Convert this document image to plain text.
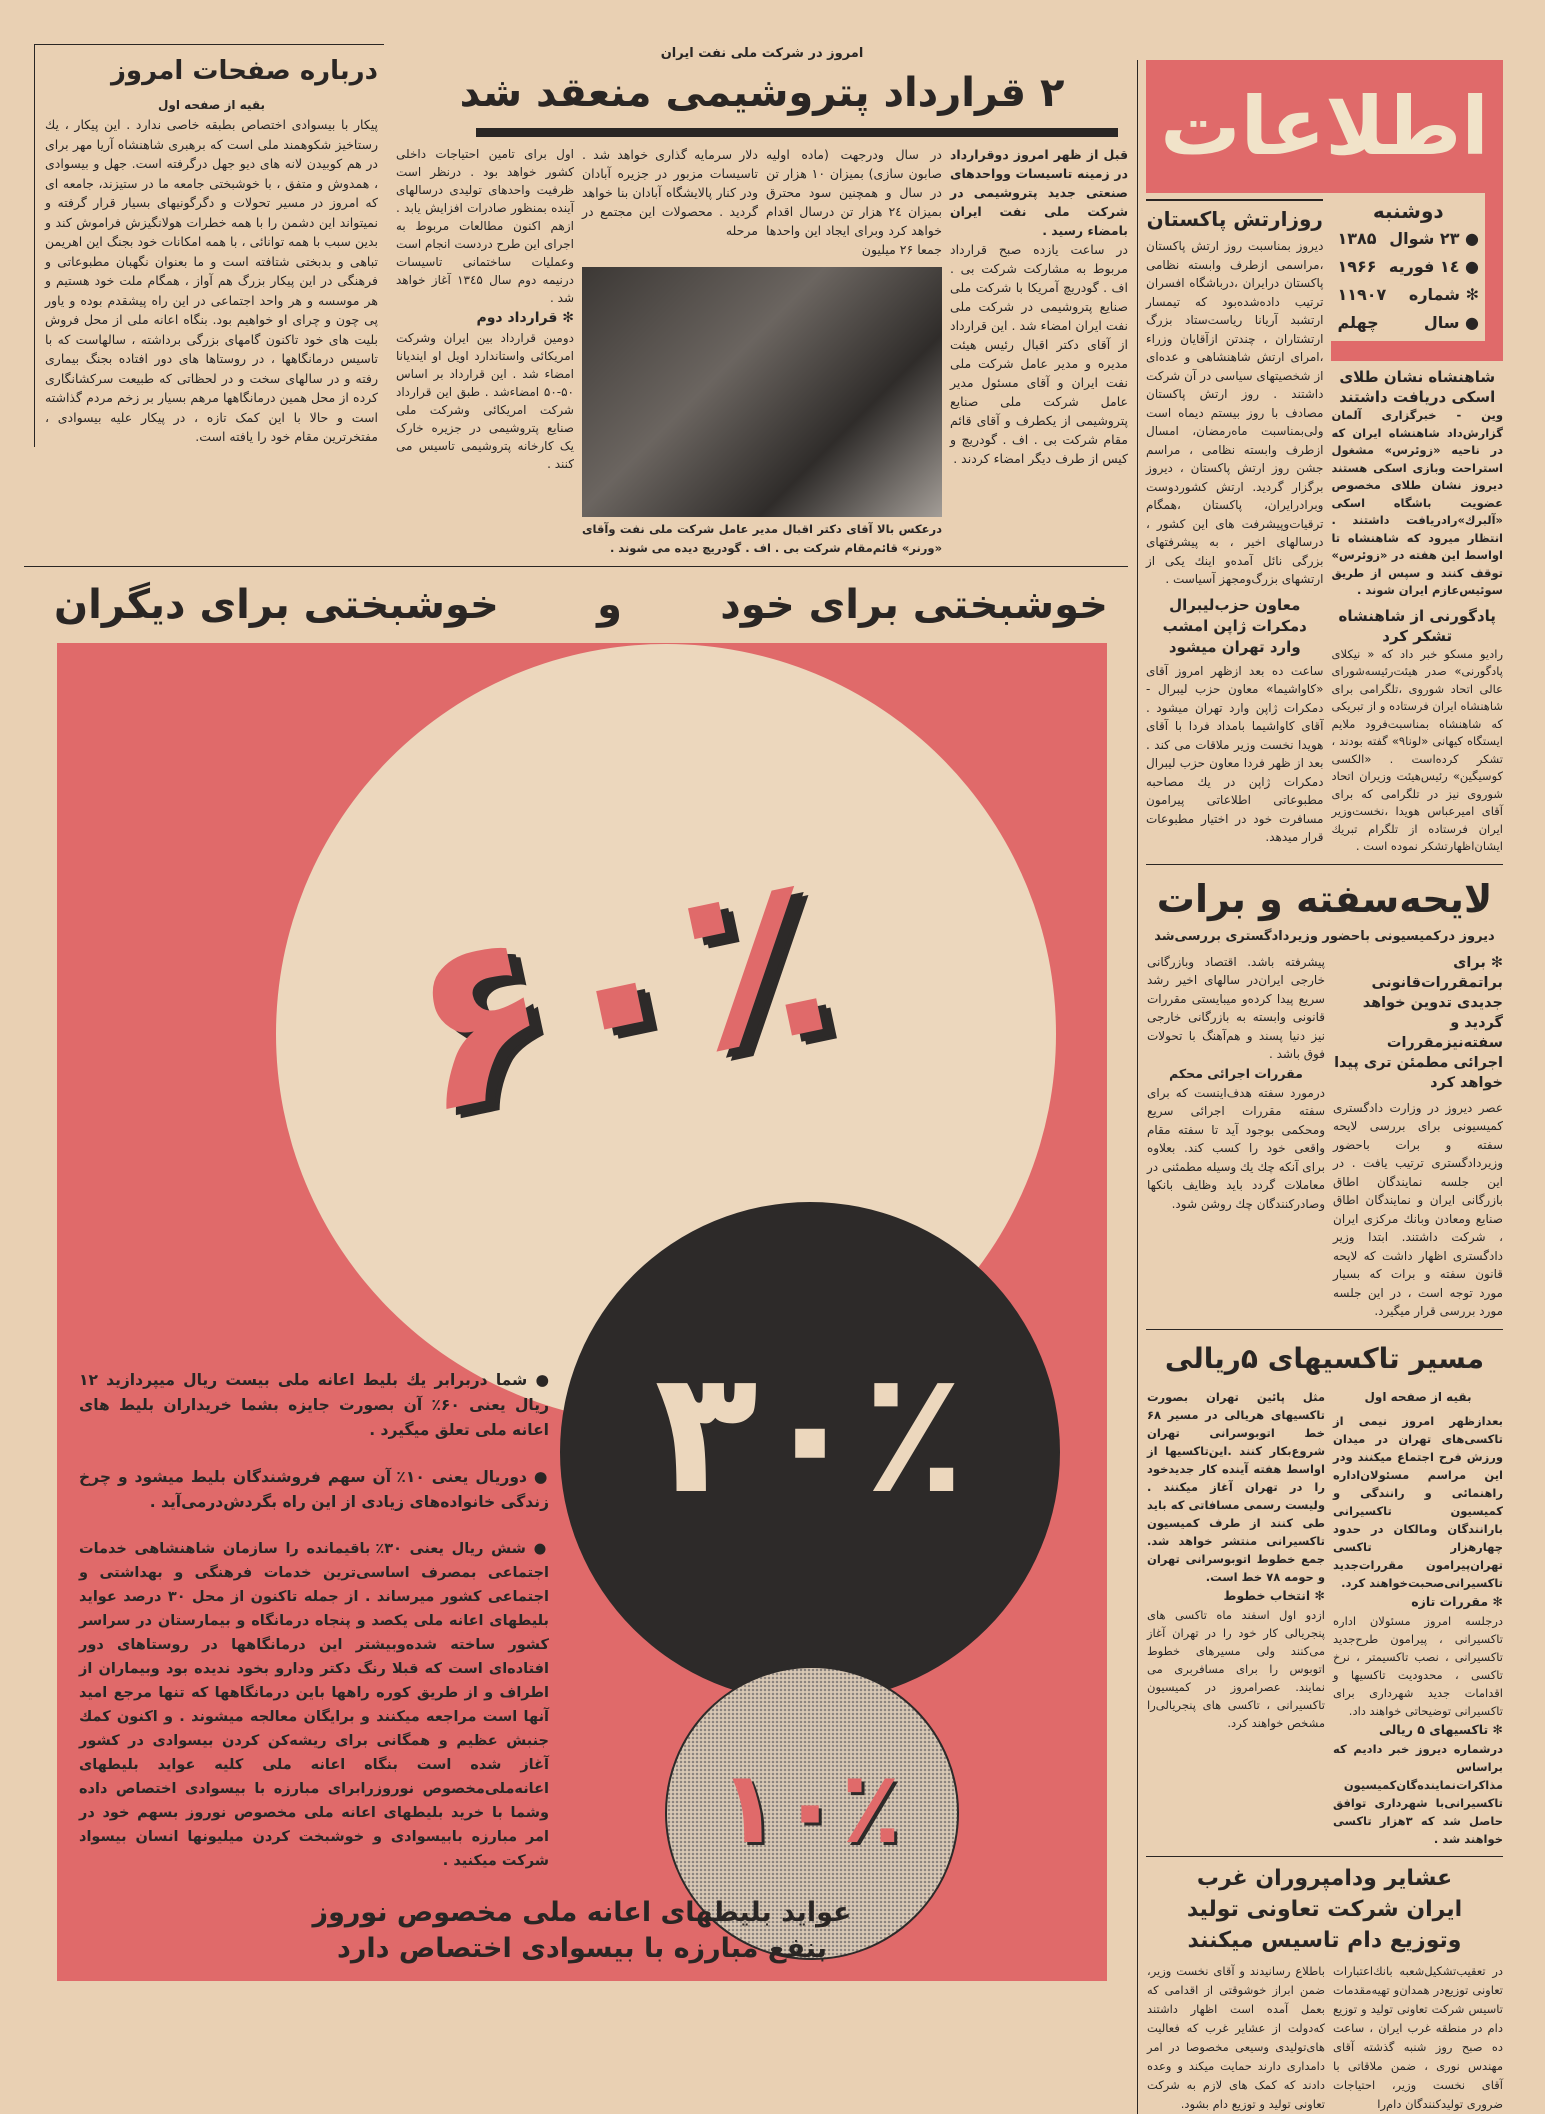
اطلاعات
دوشنبه
● ۲۳ شوال
۱۳۸۵
● ۱٤ فوریه
۱۹۶۶
✻ شماره
۱۱۹۰۷
● سال
چهلم
شاهنشاه نشان طلای اسکی دریافت داشتند
وین - خبرگزاری آلمان گزارش‌داد شاهنشاه ایران که در ناحیه «زوئرس» مشغول استراحت وبازی اسکی هستند دیروز نشان طلای مخصوص عضویت باشگاه اسکی «آلبرك»رادریافت داشتند . انتظار میرود که شاهنشاه تا اواسط این هفته در «زوئرس» توقف کنند و سپس از طریق سوئیس‌عازم ایران شوند .
پادگورنی از شاهنشاه تشکر کرد
رادیو مسکو خبر داد که « نیکلای پادگورنی» صدر هیئت‌رئیسه‌شورای عالی اتحاد شوروی ،تلگرامی برای شاهنشاه ایران فرستاده و از تبریکی که شاهنشاه بمناسبت‌فرود ملایم ایستگاه کیهانی «لونا۹» گفته بودند ، تشکر کرده‌است . «الکسی کوسیگین» رئیس‌هیئت وزیران اتحاد شوروی نیز در تلگرامی که برای آقای امیرعباس هویدا ،نخست‌وزیر ایران فرستاده از تلگرام تبریك ایشان‌اظهارتشکر نموده است .
روزارتش پاکستان
دیروز بمناسبت روز ارتش پاکستان ،مراسمی ازطرف وابسته نظامی پاکستان درایران ،درباشگاه افسران ترتیب داده‌شده‌بود که تیمسار ارتشبد آریانا ریاست‌ستاد بزرگ ارتشتاران ، چندتن ازآقایان وزراء ،امرای ارتش شاهنشاهی و عده‌ای از شخصیتهای سیاسی در آن شرکت داشتند . روز ارتش پاکستان مصادف با روز بیستم دیماه است ولی‌بمناسبت ماه‌رمضان، امسال ازطرف وابسته نظامی ، مراسم جشن روز ارتش پاکستان ، دیروز برگزار گردید. ارتش کشوردوست وبرادرایران، پاکستان ،همگام ترقیات‌وپیشرفت های این کشور ، درسالهای اخیر ، به پیشرفتهای بزرگی نائل آمده‌و اینك یکی از ارتشهای بزرگ‌ومجهز آسیاست .
معاون حزب‌لیبرال دمکرات ژاپن امشب وارد تهران میشود
ساعت ده بعد ازظهر امروز آقای «کاواشیما» معاون حزب لیبرال - دمکرات ژاپن وارد تهران میشود . آقای کاواشیما بامداد فردا با آقای هویدا نخست وزیر ملاقات می کند . بعد از ظهر فردا معاون حزب لیبرال دمکرات ژاپن در یك مصاحبه مطبوعاتی اطلاعاتی پیرامون مسافرت خود در اختیار مطبوعات قرار میدهد.
لایحه‌سفته و برات
دیروز درکمیسیونی باحضور وزیردادگستری بررسی‌شد
✻ برای براتمقررات‌قانونی جدیدی تدوین خواهد گردید و سفته‌نیزمقررات اجرائی مطمئن تری پیدا خواهد کرد
عصر دیروز در وزارت دادگستری کمیسیونی برای بررسی لایحه سفته و برات باحضور وزیردادگستری ترتیب یافت . در این جلسه نمایندگان اطاق بازرگانی ایران و نمایندگان اطاق صنایع ومعادن وبانك مرکزی ایران ، شرکت داشتند. ابتدا وزیر دادگستری اظهار داشت که لایحه قانون سفته و برات که بسیار مورد توجه است ، در این جلسه مورد بررسی قرار میگیرد.
پیشرفته باشد. اقتصاد وبازرگانی خارجی ایران‌در سالهای اخیر رشد سریع پیدا کرده‌و میبایستی مقررات قانونی وابسته به بازرگانی خارجی نیز دنیا پسند و هم‌آهنگ با تحولات فوق باشد .
مقررات اجرائی محکم
درمورد سفته هدف‌اینست که برای سفته مقررات اجرائی سریع ومحکمی بوجود آید تا سفته مقام واقعی خود را کسب کند. بعلاوه برای آنکه چك یك وسیله مطمئنی در معاملات گردد باید وظایف بانکها وصادرکنندگان چك روشن شود.
مسیر تاکسیهای ۵ریالی
بقیه از صفحه اول
بعدازظهر امروز نیمی از تاکسی‌های تهران در میدان ورزش فرح اجتماع میکنند ودر این مراسم مسئولان‌اداره راهنمائی و رانندگی و کمیسیون تاکسیرانی بارانندگان ومالکان در حدود چهارهزار تاکسی تهران‌پیرامون مقررات‌جدید تاکسیرانی‌صحبت‌خواهند کرد.
✻ مقررات تازه
درجلسه امروز مسئولان اداره تاکسیرانی ، پیرامون طرح‌جدید تاکسیرانی ، نصب تاکسیمتر ، نرخ تاکسی ، محدودیت تاکسیها و اقدامات جدید شهرداری برای تاکسیرانی توضیحاتی خواهند داد.
✻ تاکسیهای ۵ ریالی
درشماره دیروز خبر دادیم که براساس مذاکرات‌نماینده‌گان‌کمیسیون تاکسیرانی‌با شهرداری توافق حاصل شد که ۳هزار تاکسی خواهند شد .
مثل پائین تهران بصورت تاکسیهای هریالی در مسیر ۶۸ خط اتوبوسرانی تهران شروع‌بکار کنند .این‌تاکسیها از اواسط هفته آینده کار جدیدخود را در تهران آغاز میکنند . ولیست رسمی مسافاتی که باید طی کنند از طرف کمیسیون تاکسیرانی منتشر خواهد شد. جمع خطوط اتوبوسرانی تهران و حومه ۷۸ خط است.
✻ انتخاب خطوط
ازدو اول اسفند ماه تاکسی های پنجریالی کار خود را در تهران آغاز می‌کنند ولی مسیرهای خطوط اتوبوس را برای مسافربری می نمایند. عصرامروز در کمیسیون تاکسیرانی ، تاکسی های پنجریالی‌را مشخص خواهند کرد.
عشایر ودامپروران غرب ایران شرکت تعاونی تولید وتوزیع دام تاسیس میکنند
در تعقیب‌تشکیل‌شعبه بانك‌اعتبارات تعاونی توزیع‌در همدان‌و تهیه‌مقدمات تاسیس شرکت تعاونی تولید و توزیع دام در منطقه غرب ایران ، ساعت ده صبح روز شنبه گذشته آقای مهندس نوری ، ضمن ملاقاتی با آقای نخست وزیر، احتیاجات ضروری تولیدکنندگان دام‌را
باطلاع رسانیدند و آقای نخست وزیر، ضمن ابراز خوشوقتی از اقدامی که بعمل آمده است اظهار داشتند که‌دولت از عشایر غرب که فعالیت های‌تولیدی وسیعی مخصوصا در امر دامداری دارند حمایت میکند و وعده دادند که کمک های لازم به شرکت تعاونی تولید و توزیع دام بشود.
امروز در شرکت ملی نفت ایران
۲ قرارداد پتروشیمی منعقد شد
قبل از ظهر امروز دوقرارداد در زمینه تاسیسات وواحدهای صنعتی جدید پتروشیمی در شرکت ملی نفت ایران بامضاء رسید .
در ساعت یازده صبح قرارداد مربوط به مشارکت شرکت بی . اف . گودریچ آمریکا با شرکت ملی صنایع پتروشیمی در شرکت ملی نفت ایران امضاء شد . این قرارداد از آقای دکتر اقبال رئیس هیئت مدیره و مدیر عامل شرکت ملی نفت ایران و آقای مسئول مدیر عامل شرکت ملی صنایع پتروشیمی از یکطرف و آقای قائم مقام شرکت بی . اف . گودریچ و کیس از طرف دیگر امضاء کردند .
در سال ودرجهت (ماده اولیه صابون سازی) بمیزان ۱۰ هزار تن در سال و همچنین سود محترق بمیزان ۲٤ هزار تن درسال اقدام خواهد کرد وبرای ایجاد این واحدها جمعا ۲۶ میلیون
دلار سرمایه گذاری خواهد شد . تاسیسات مزبور در جزیره آبادان ودر کنار پالایشگاه آبادان بنا خواهد گردید . محصولات این مجتمع در مرحله
درعکس بالا آقای دکتر اقبال مدیر عامل شرکت ملی نفت وآقای «ورنر» قائم‌مقام شرکت بی . اف . گودریچ دیده می شوند .
اول برای تامین احتیاجات داخلی کشور خواهد بود . درنظر است ظرفیت واحدهای تولیدی درسالهای آینده بمنظور صادرات افزایش یابد . ازهم اکنون مطالعات مربوط به اجرای این طرح دردست انجام است وعملیات ساختمانی تاسیسات درنیمه دوم سال ۱۳٤۵ آغاز خواهد شد .
✻ قرارداد دوم
دومین قرارداد بین ایران وشرکت امریکائی واستاندارد اویل او ایندیانا امضاء شد . این قرارداد بر اساس ۵۰-۵۰ امضاءشد . طبق این قرارداد شرکت امریکائی وشرکت ملی صنایع پتروشیمی در جزیره خارک یک کارخانه پتروشیمی تاسیس می کنند .
درباره صفحات امروز
بقیه از صفحه اول
پیکار با بیسوادی اختصاص بطبقه خاصی ندارد . این پیکار ، یك رستاخیز شکوهمند ملی است که برهبری شاهنشاه آریا مهر برای در هم کوبیدن لانه های دیو جهل درگرفته است. جهل و بیسوادی ، همدوش و متفق ، با خوشبختی جامعه ما در ستیزند، جامعه ای که امروز در مسیر تحولات و دگرگونیهای بسیار قرار گرفته و نمیتواند این دشمن را با همه خطرات هولانگیزش فراموش کند و بدین سبب با همه توانائی ، با همه امکانات خود بجنگ این اهریمن تباهی و بدبختی شتافته است و ما بعنوان نگهبان مطبوعاتی و فرهنگی در این پیکار بزرگ هم آواز ، همگام ملت خود هستیم و هر موسسه و هر واحد اجتماعی در این راه پیشقدم بوده و یاور پی چون و چرای او خواهیم بود. بنگاه اعانه ملی از محل فروش بلیت های خود تاکنون گامهای بزرگی برداشته ، سالهاست که با تاسیس درمانگاهها ، در روستاها های دور افتاده بجنگ بیماری رفته و در سالهای سخت و در لحظاتی که طبیعت سرکشانگاری کرده از محل همین درمانگاهها مرهم بسیار بر زخم مردم گذاشته است و حالا با این کمک تازه ، در پیکار علیه بیسوادی ، مفتخرترین مقام خود را یافته است.
خوشبختی برای خود
و
خوشبختی برای دیگران
۶۰٪
۳۰٪
۱۰٪

● شما دربرابر یك بلیط اعانه ملی بیست ریال میپردازید ۱۲ ریال یعنی ۶۰٪ آن بصورت جایزه بشما خریداران بلیط های اعانه ملی تعلق میگیرد .

● دوریال یعنی ۱۰٪ آن سهم فروشندگان بلیط میشود و چرخ زندگی خانواده‌های زیادی از این راه بگردش‌درمی‌آید .

● شش ریال یعنی ۳۰٪ باقیمانده را سازمان شاهنشاهی خدمات اجتماعی بمصرف اساسی‌ترین خدمات فرهنگی و بهداشتی و اجتماعی کشور میرساند . از جمله تاکنون از محل ۳۰ درصد عواید بلیطهای اعانه ملی یکصد و پنجاه درمانگاه و بیمارستان در سراسر کشور ساخته شده‌وبیشتر این درمانگاهها در روستاهای دور افتاده‌ای است که قبلا رنگ دکتر ودارو بخود ندیده بود وبیماران از اطراف و از طریق کوره راهها باین درمانگاهها که تنها مرجع امید آنها است مراجعه میکنند و برایگان معالجه میشوند . و اکنون کمك جنبش عظیم و همگانی برای ریشه‌کن کردن بیسوادی در کشور آغاز شده است بنگاه اعانه ملی کلیه عواید بلیطهای اعانه‌ملی‌مخصوص نوروزرابرای مبارزه با بیسوادی اختصاص داده وشما با خرید بلیطهای اعانه ملی مخصوص نوروز بسهم خود در امر مبارزه بابیسوادی و خوشبخت کردن میلیونها انسان بیسواد شرکت میکنید .

عواید بلیطهای اعانه ملی مخصوص نوروز
بنفع مبارزه با بیسوادی اختصاص دارد
